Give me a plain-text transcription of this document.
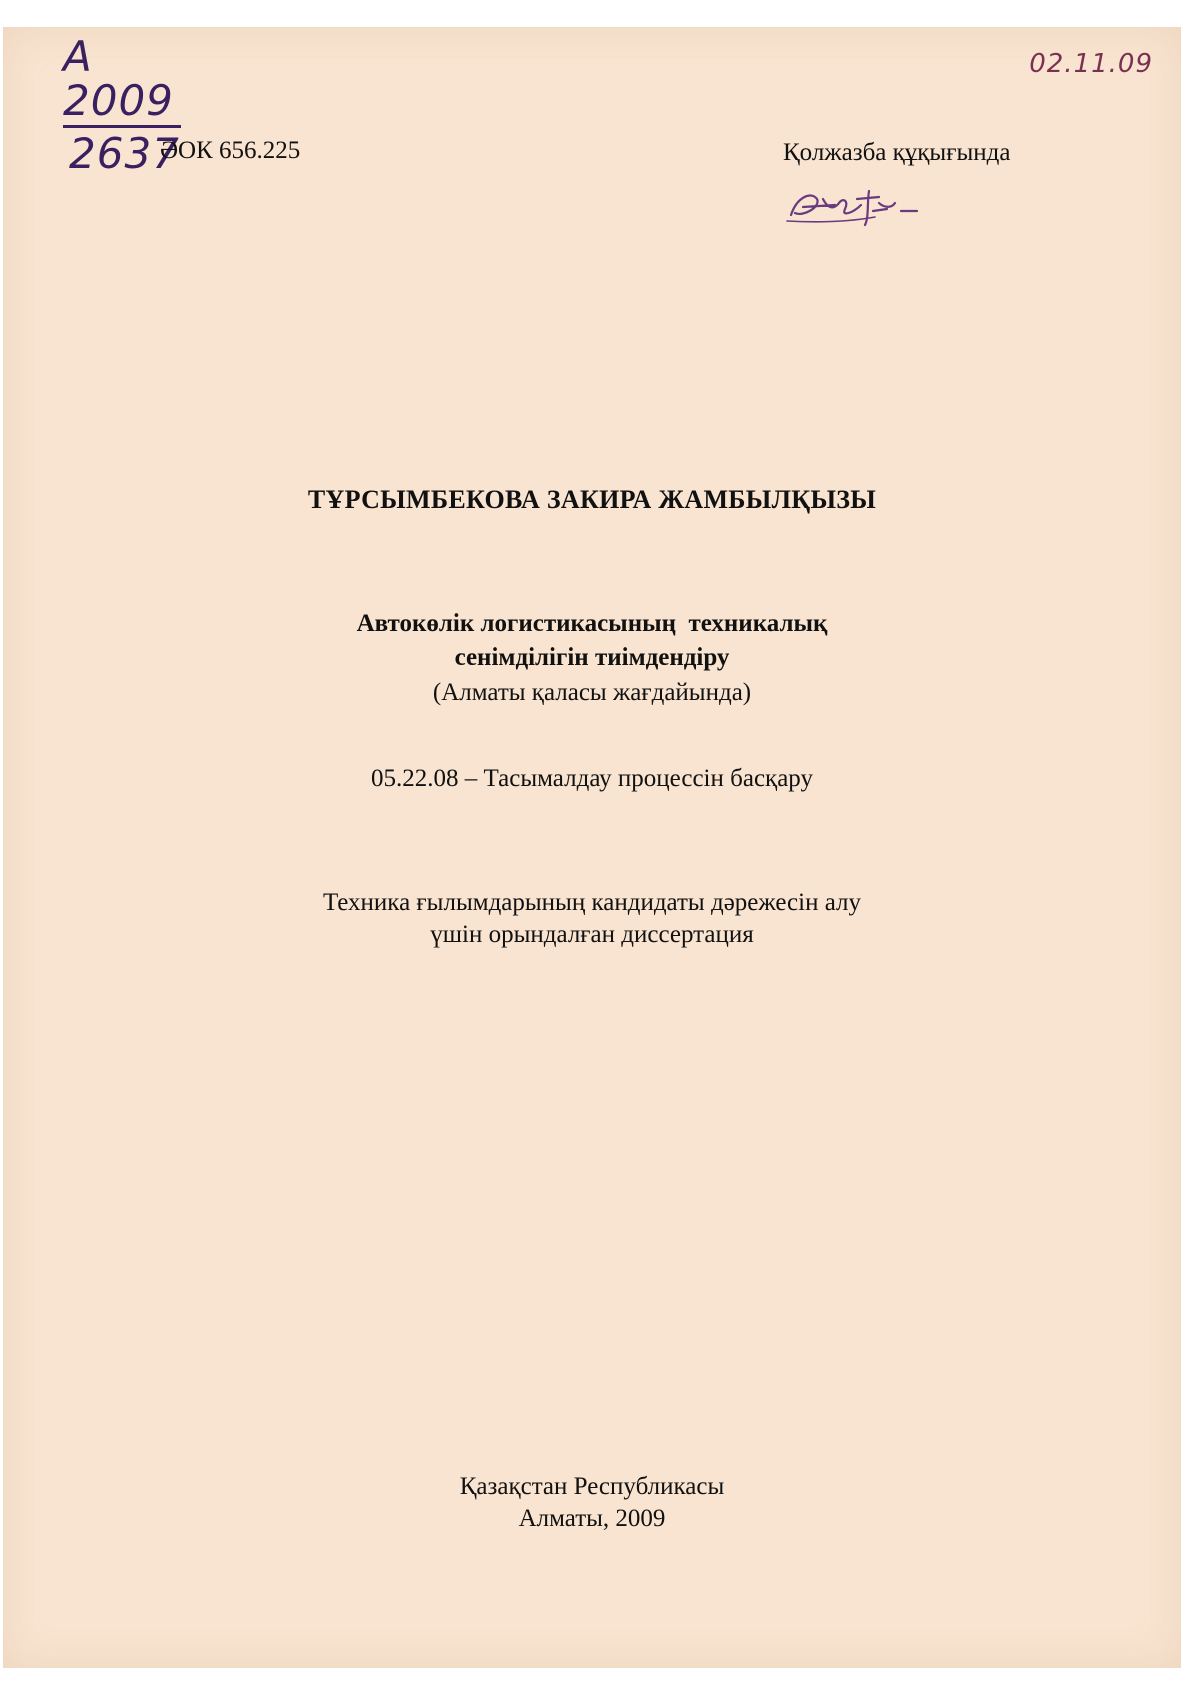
A 2009
2637
02.11.09
ӘОК 656.225	Қолжазба құқығында
ТҰРСЫМБЕКОВА ЗАКИРА ЖАМБЫЛҚЫЗЫ
Автокөлік логистикасының  техникалық
сенімділігін тиімдендіру
(Алматы қаласы жағдайында)
05.22.08 – Тасымалдау процессін басқару
Техника ғылымдарының кандидаты дәрежесін алу
үшін орындалған диссертация
Қазақстан Республикасы
Алматы, 2009
